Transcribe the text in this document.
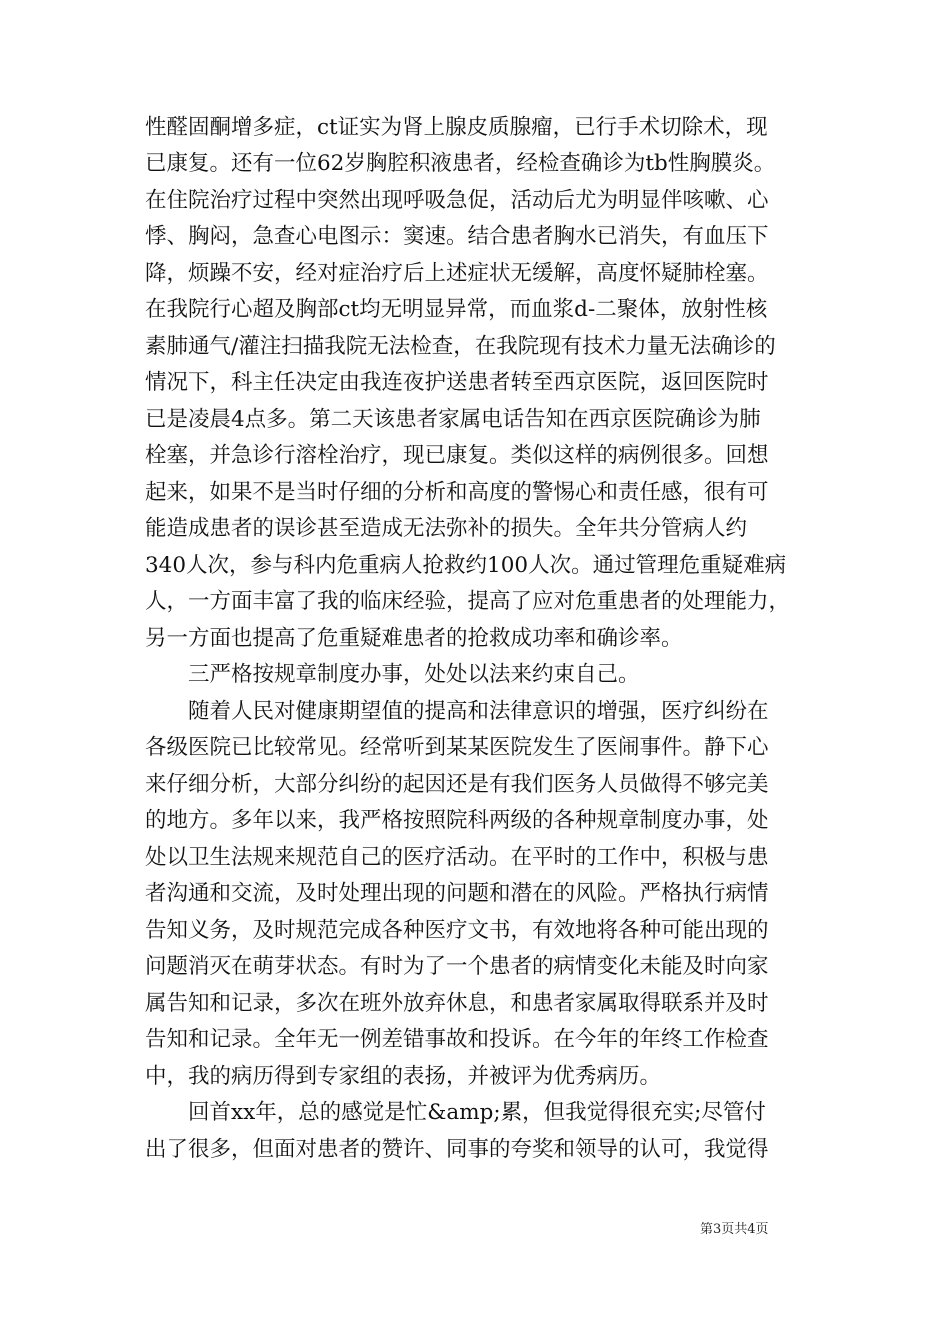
性醛固酮增多症，ct证实为肾上腺皮质腺瘤，已行手术切除术，现
已康复。还有一位62岁胸腔积液患者，经检查确诊为tb性胸膜炎。
在住院治疗过程中突然出现呼吸急促，活动后尤为明显伴咳嗽、心
悸、胸闷，急查心电图示：窦速。结合患者胸水已消失，有血压下
降，烦躁不安，经对症治疗后上述症状无缓解，高度怀疑肺栓塞。
在我院行心超及胸部ct均无明显异常，而血浆d-二聚体，放射性核
素肺通气/灌注扫描我院无法检查，在我院现有技术力量无法确诊的
情况下，科主任决定由我连夜护送患者转至西京医院，返回医院时
已是凌晨4点多。第二天该患者家属电话告知在西京医院确诊为肺
栓塞，并急诊行溶栓治疗，现已康复。类似这样的病例很多。回想
起来，如果不是当时仔细的分析和高度的警惕心和责任感，很有可
能造成患者的误诊甚至造成无法弥补的损失。全年共分管病人约
340人次，参与科内危重病人抢救约100人次。通过管理危重疑难病
人，一方面丰富了我的临床经验，提高了应对危重患者的处理能力，
另一方面也提高了危重疑难患者的抢救成功率和确诊率。
三严格按规章制度办事，处处以法来约束自己。
随着人民对健康期望值的提高和法律意识的增强，医疗纠纷在
各级医院已比较常见。经常听到某某医院发生了医闹事件。静下心
来仔细分析，大部分纠纷的起因还是有我们医务人员做得不够完美
的地方。多年以来，我严格按照院科两级的各种规章制度办事，处
处以卫生法规来规范自己的医疗活动。在平时的工作中，积极与患
者沟通和交流，及时处理出现的问题和潜在的风险。严格执行病情
告知义务，及时规范完成各种医疗文书，有效地将各种可能出现的
问题消灭在萌芽状态。有时为了一个患者的病情变化未能及时向家
属告知和记录，多次在班外放弃休息，和患者家属取得联系并及时
告知和记录。全年无一例差错事故和投诉。在今年的年终工作检查
中，我的病历得到专家组的表扬，并被评为优秀病历。
回首xx年，总的感觉是忙&amp;累，但我觉得很充实;尽管付
出了很多，但面对患者的赞许、同事的夸奖和领导的认可，我觉得
第3页共4页
